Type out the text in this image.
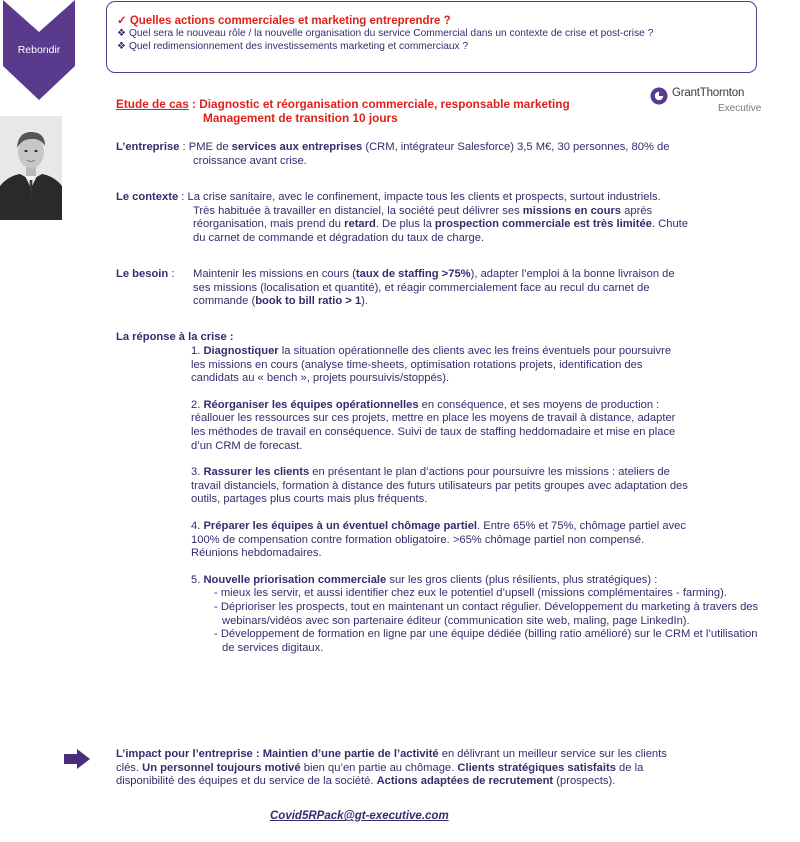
Rebondir
✓ Quelles actions commerciales et marketing entreprendre ?
❖ Quel sera le nouveau rôle / la nouvelle organisation du service Commercial dans un contexte de crise et post-crise ?
❖ Quel redimensionnement des investissements marketing et commerciaux ?
Etude de cas : Diagnostic et réorganisation commerciale, responsable marketing
Management de transition 10 jours
GrantThornton
Executive
L’entreprise : PME de services aux entreprises (CRM, intégrateur Salesforce) 3,5 M€, 30 personnes, 80% de
croissance avant crise.
Le contexte : La crise sanitaire, avec le confinement, impacte tous les clients et prospects, surtout industriels.
Très habituée à travailler en distanciel, la société peut délivrer ses missions en cours après
réorganisation, mais prend du retard. De plus la prospection commerciale est très limitée. Chute
du carnet de commande et dégradation du taux de charge.
Le besoin : Maintenir les missions en cours (taux de staffing >75%), adapter l’emploi à la bonne livraison de
ses missions (localisation et quantité), et réagir commercialement face au recul du carnet de
commande (book to bill ratio > 1).
La réponse à la crise :
1. Diagnostiquer la situation opérationnelle des clients avec les freins éventuels pour poursuivre
les missions en cours (analyse time-sheets, optimisation rotations projets, identification des
candidats au « bench », projets poursuivis/stoppés).
2. Réorganiser les équipes opérationnelles en conséquence, et ses moyens de production :
réallouer les ressources sur ces projets, mettre en place les moyens de travail à distance, adapter
les méthodes de travail en conséquence. Suivi de taux de staffing heddomadaire et mise en place
d’un CRM de forecast.
3. Rassurer les clients en présentant le plan d’actions pour poursuivre les missions : ateliers de
travail distanciels, formation à distance des futurs utilisateurs par petits groupes avec adaptation des
outils, partages plus courts mais plus fréquents.
4. Préparer les équipes à un éventuel chômage partiel. Entre 65% et 75%, chômage partiel avec
100% de compensation contre formation obligatoire. >65% chômage partiel non compensé.
Réunions hebdomadaires.
5. Nouvelle priorisation commerciale sur les gros clients (plus résilients, plus stratégiques) :
- mieux les servir, et aussi identifier chez eux le potentiel d’upsell (missions complémentaires - farming).
- Déprioriser les prospects, tout en maintenant un contact régulier. Développement du marketing à travers des webinars/vidéos avec son partenaire éditeur (communication site web, maling, page LinkedIn).
- Développement de formation en ligne par une équipe dédiée (billing ratio amélioré) sur le CRM et l’utilisation de services digitaux.
L’impact pour l’entreprise : Maintien d’une partie de l’activité en délivrant un meilleur service sur les clients
clés. Un personnel toujours motivé bien qu’en partie au chômage. Clients stratégiques satisfaits de la
disponibilité des équipes et du service de la société. Actions adaptées de recrutement (prospects).
Covid5RPack@gt-executive.com
